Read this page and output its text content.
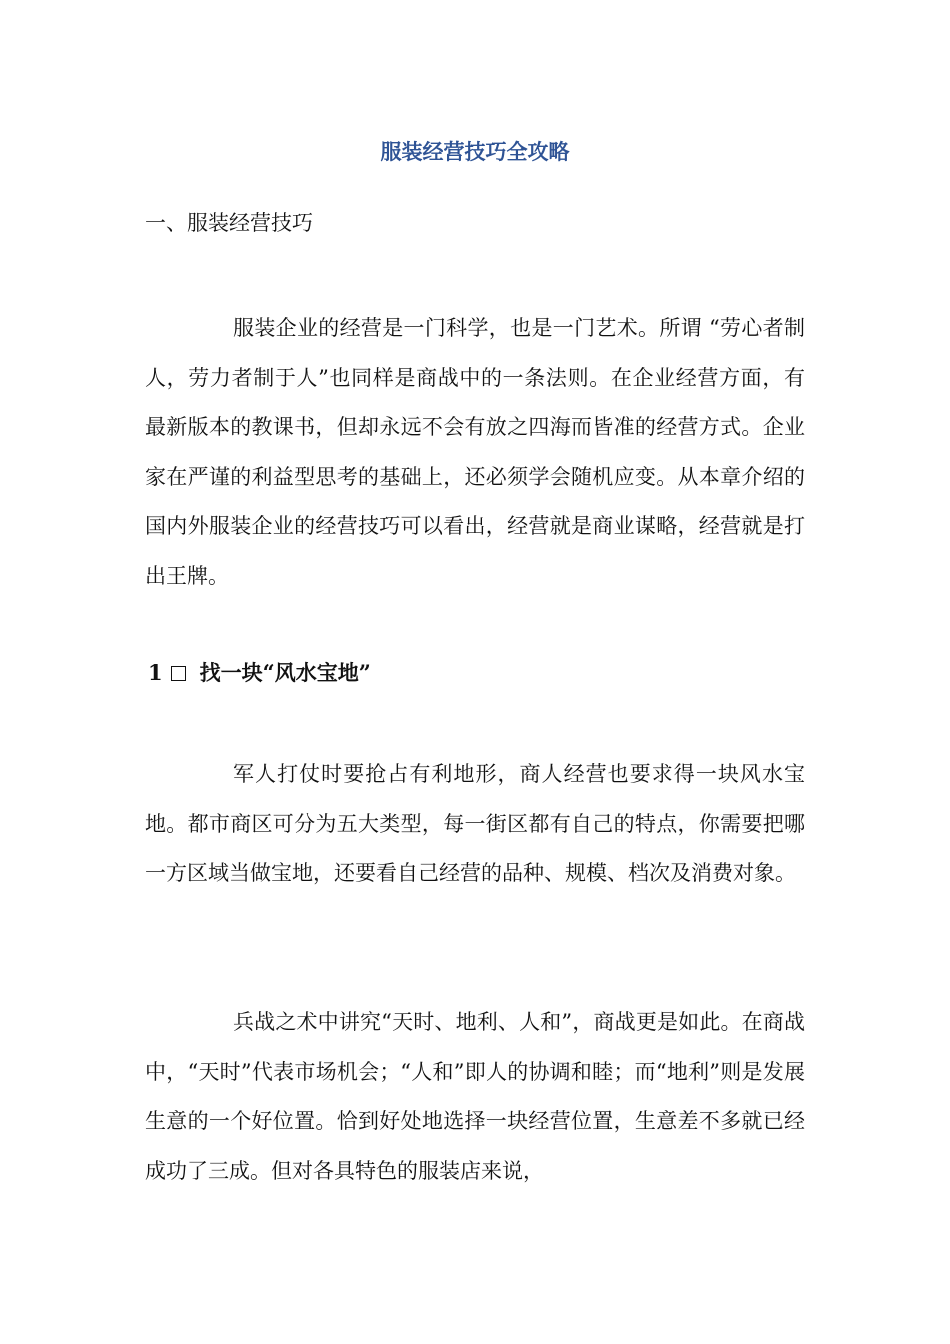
服装经营技巧全攻略
一、服装经营技巧

服装企业的经营是一门科学，也是一门艺术。所谓 “劳心者制人，劳力者制于人”也同样是商战中的一条法则。在企业经营方面，有最新版本的教课书，但却永远不会有放之四海而皆准的经营方式。企业家在严谨的利益型思考的基础上，还必须学会随机应变。从本章介绍的国内外服装企业的经营技巧可以看出，经营就是商业谋略，经营就是打出王牌。

1 找一块“风水宝地”

军人打仗时要抢占有利地形，商人经营也要求得一块风水宝地。都市商区可分为五大类型，每一街区都有自己的特点，你需要把哪一方区域当做宝地，还要看自己经营的品种、规模、档次及消费对象。

兵战之术中讲究“天时、地利、人和”，商战更是如此。在商战中，“天时”代表市场机会；“人和”即人的协调和睦；而“地利”则是发展生意的一个好位置。恰到好处地选择一块经营位置，生意差不多就已经成功了三成。但对各具特色的服装店来说，
